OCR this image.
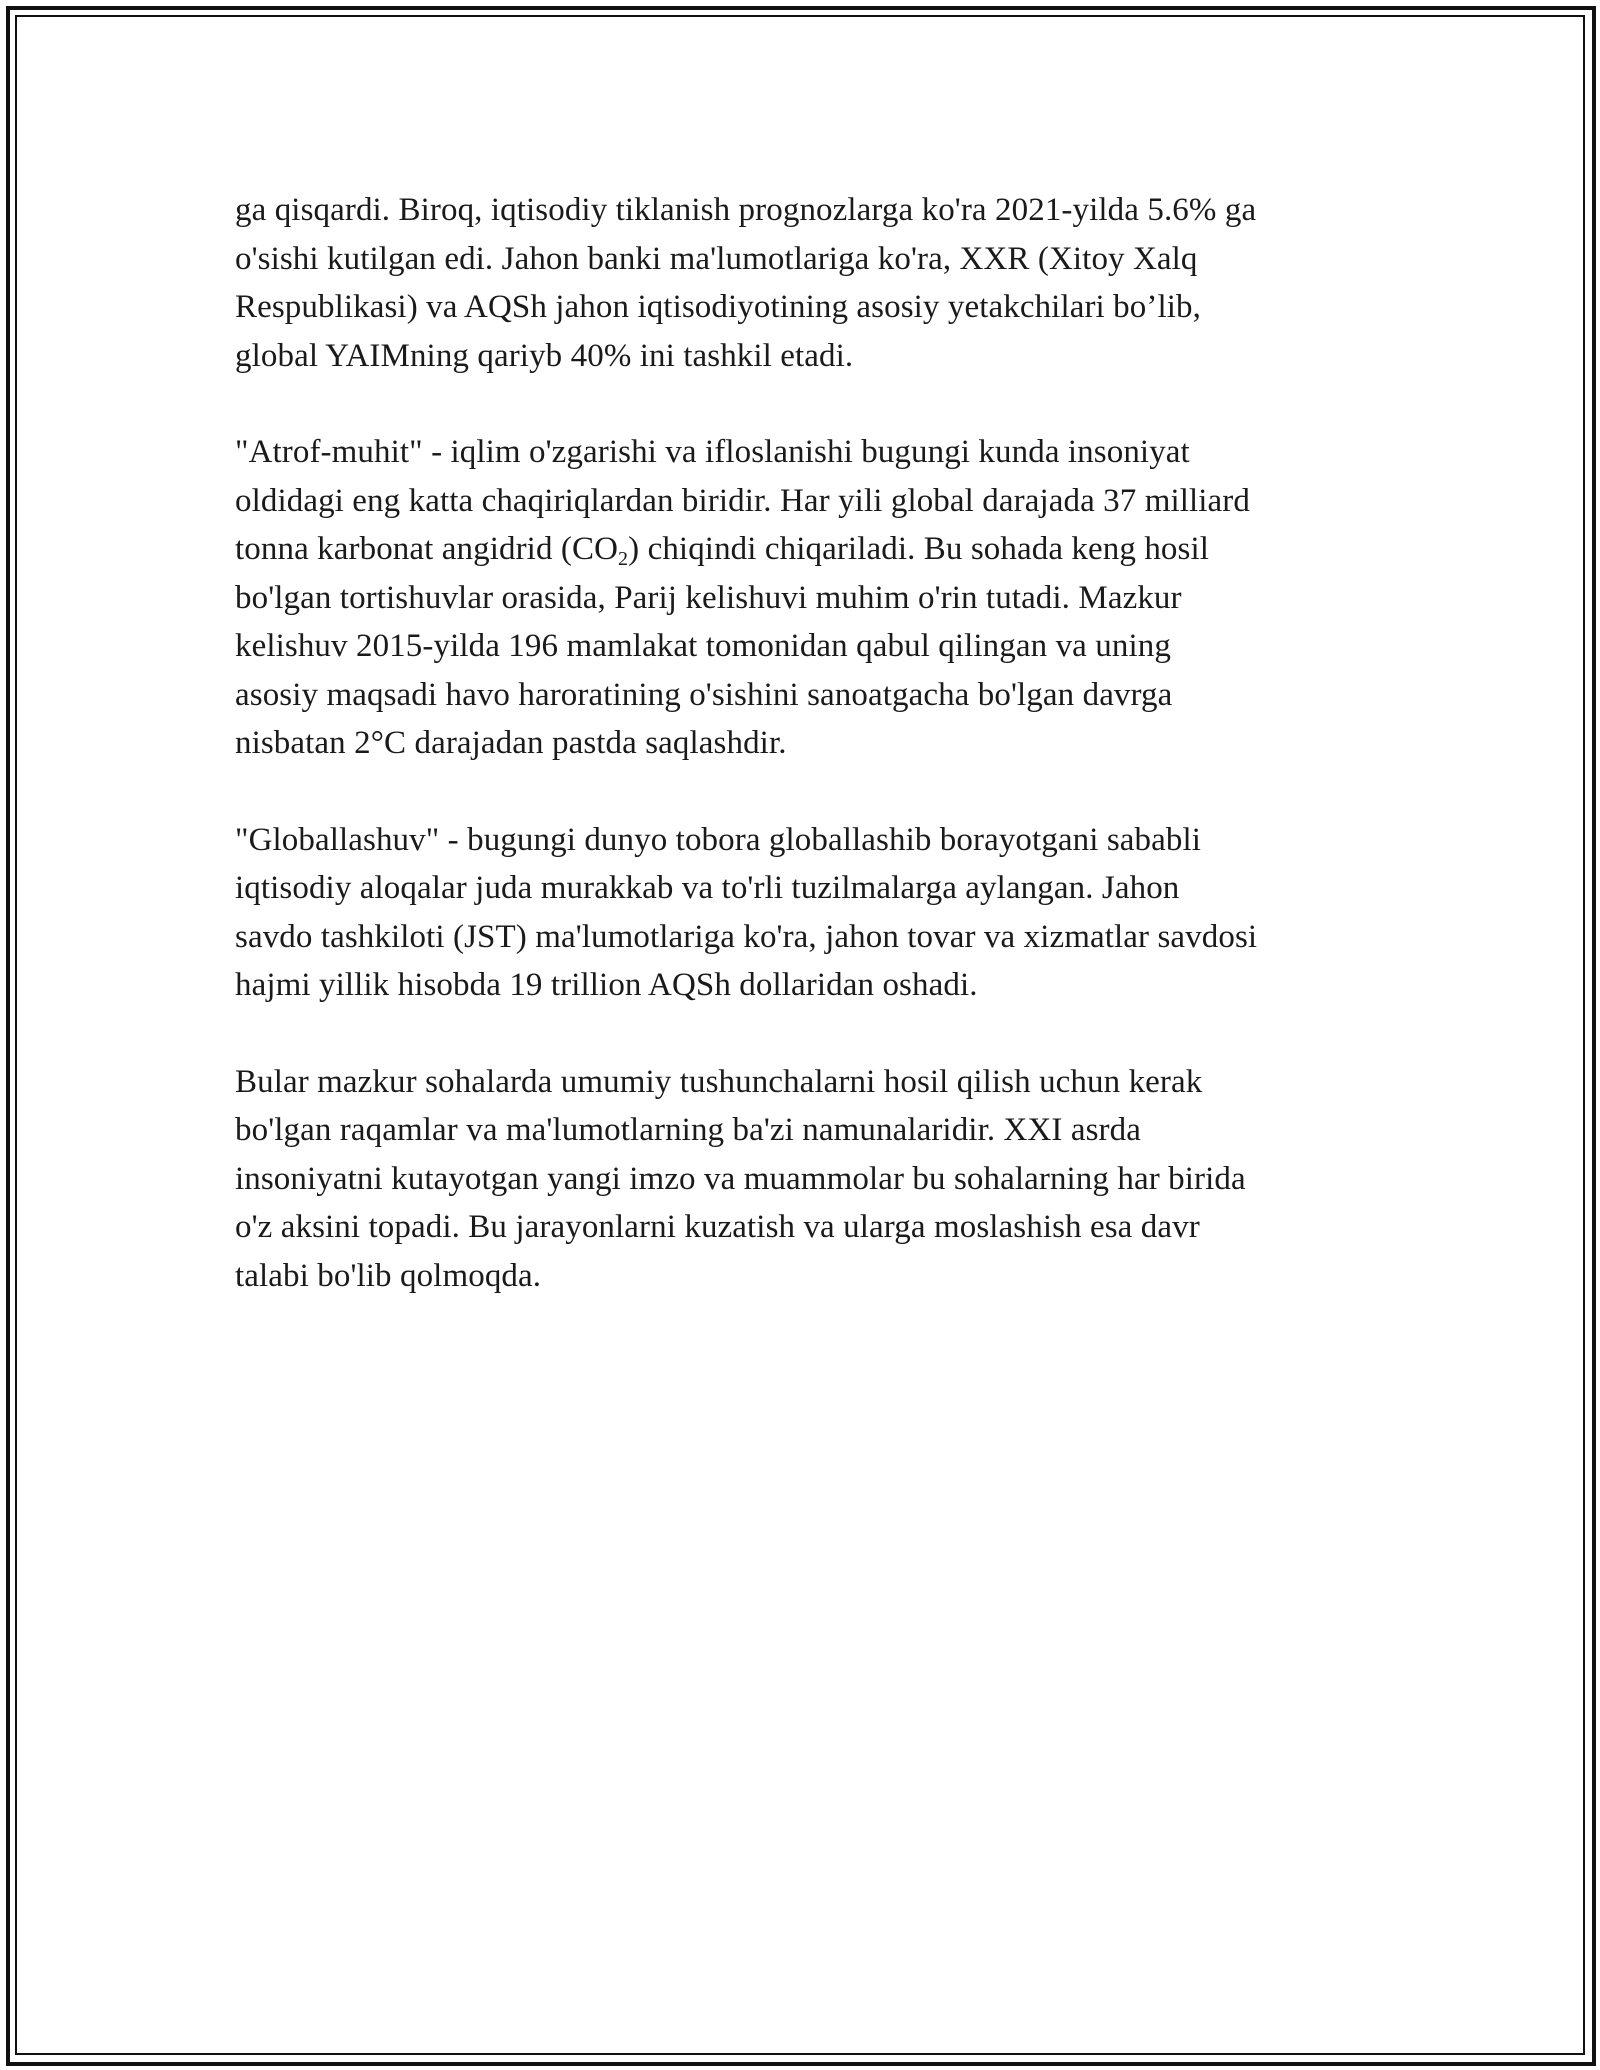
ga qisqardi. Biroq, iqtisodiy tiklanish prognozlarga ko'ra 2021-yilda 5.6% ga
o'sishi kutilgan edi. Jahon banki ma'lumotlariga ko'ra, XXR (Xitoy Xalq
Respublikasi) va AQSh jahon iqtisodiyotining asosiy yetakchilari bo’lib,
global YAIMning qariyb 40% ini tashkil etadi.

"Atrof-muhit" - iqlim o'zgarishi va ifloslanishi bugungi kunda insoniyat
oldidagi eng katta chaqiriqlardan biridir. Har yili global darajada 37 milliard
tonna karbonat angidrid $(CO_2)$ chiqindi chiqariladi. Bu sohada keng hosil
bo'lgan tortishuvlar orasida, Parij kelishuvi muhim o'rin tutadi. Mazkur
kelishuv 2015-yilda 196 mamlakat tomonidan qabul qilingan va uning
asosiy maqsadi havo haroratining o'sishini sanoatgacha bo'lgan davrga
nisbatan 2°C darajadan pastda saqlashdir.

"Globallashuv" - bugungi dunyo tobora globallashib borayotgani sababli
iqtisodiy aloqalar juda murakkab va to'rli tuzilmalarga aylangan. Jahon
savdo tashkiloti (JST) ma'lumotlariga ko'ra, jahon tovar va xizmatlar savdosi
hajmi yillik hisobda 19 trillion AQSh dollaridan oshadi.

Bular mazkur sohalarda umumiy tushunchalarni hosil qilish uchun kerak
bo'lgan raqamlar va ma'lumotlarning ba'zi namunalaridir. XXI asrda
insoniyatni kutayotgan yangi imzo va muammolar bu sohalarning har birida
o'z aksini topadi. Bu jarayonlarni kuzatish va ularga moslashish esa davr
talabi bo'lib qolmoqda.
